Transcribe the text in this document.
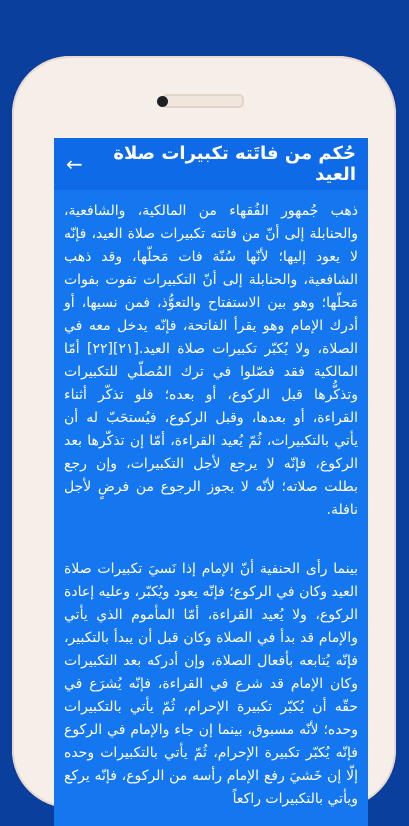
←	حُكم من فاتَته تكبيرات صلاة العيد

ذهب جُمهور الفُقهاء من المالكية، والشافعية، والحنابلة إلى أنّ من فاتته تكبيرات صلاة العيد، فإنّه لا يعود إليها؛ لأنّها سُنّة فات مَحلّها، وقد ذهب الشافعية، والحنابلة إلى أنّ التكبيرات تفوت بفوات مَحلّها؛ وهو بين الاستفتاح والتعوُّذ، فمن نسيها، أو أدرك الإمام وهو يقرأ الفاتحة، فإنّه يدخل معه في الصلاة، ولا يُكبّر تكبيرات صلاة العيد.[٢١][٢٢] أمّا المالكية فقد فصّلوا في ترك المُصلّي للتكبيرات وتذكُّرها قبل الركوع، أو بعده؛ فلو تذكّر أثناء القراءة، أو بعدها، وقبل الركوع، فيُستحَبّ له أن يأتي بالتكبيرات، ثُمّ يُعيد القراءة، أمّا إن تذكّرها بعد الركوع، فإنّه لا يرجع لأجل التكبيرات، وإن رجع بطلت صلاته؛ لأنّه لا يجوز الرجوع من فرضٍ لأجل نافلة.

بينما رأى الحنفية أنّ الإمام إذا نَسيَ تكبيرات صلاة العيد وكان في الركوع؛ فإنّه يعود ويُكبّر، وعليه إعادة الركوع، ولا يُعيد القراءة، أمّا المأموم الذي يأتي والإمام قد بدأ في الصلاة وكان قبل أن يبدأ بالتكبير، فإنّه يُتابعه بأفعال الصلاة، وإن أدركه بعد التكبيرات وكان الإمام قد شرع في القراءة، فإنّه يُشرَع في حقّه أن يُكبّر تكبيرة الإحرام، ثُمّ يأتي بالتكبيرات وحده؛ لأنّه مسبوق، بينما إن جاء والإمام في الركوع فإنّه يُكبّر تكبيرة الإحرام، ثُمّ يأتي بالتكبيرات وحده إلّا إن خَشيَ رفع الإمام رأسه من الركوع، فإنّه يركع ويأتي بالتكبيرات راكعاً
